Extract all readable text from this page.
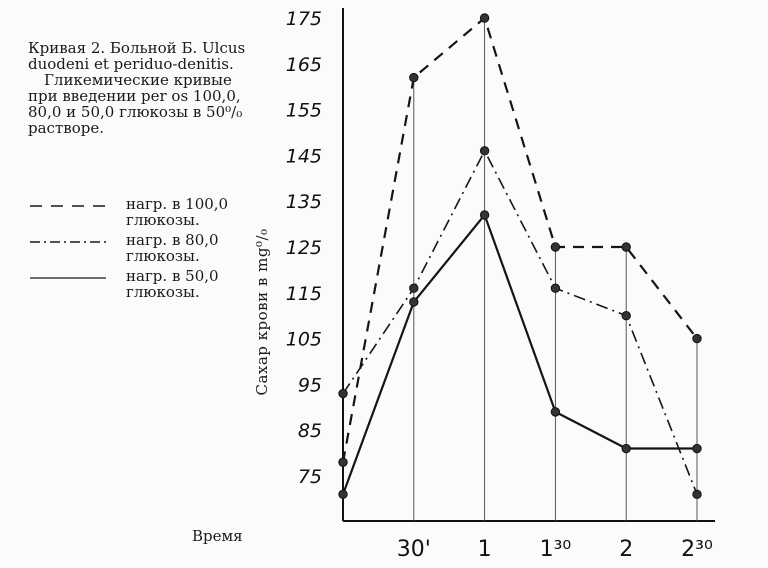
Кривая 2. Больной Б. Ulcus duodeni et periduo-denitis.

Гликемические кривые при введении per os 100,0, 80,0 и 50,0 глюкозы в 50⁰/₀ растворе.

нагр. в 100,0 глюкозы.
нагр. в 80,0 глюкозы.
нагр. в 50,0 глюкозы.	Сахар крови в mg⁰/₀
Время
75
85
95
105
115
125
135
145
155
165
175
30' 1 1³⁰ 2 2³⁰
